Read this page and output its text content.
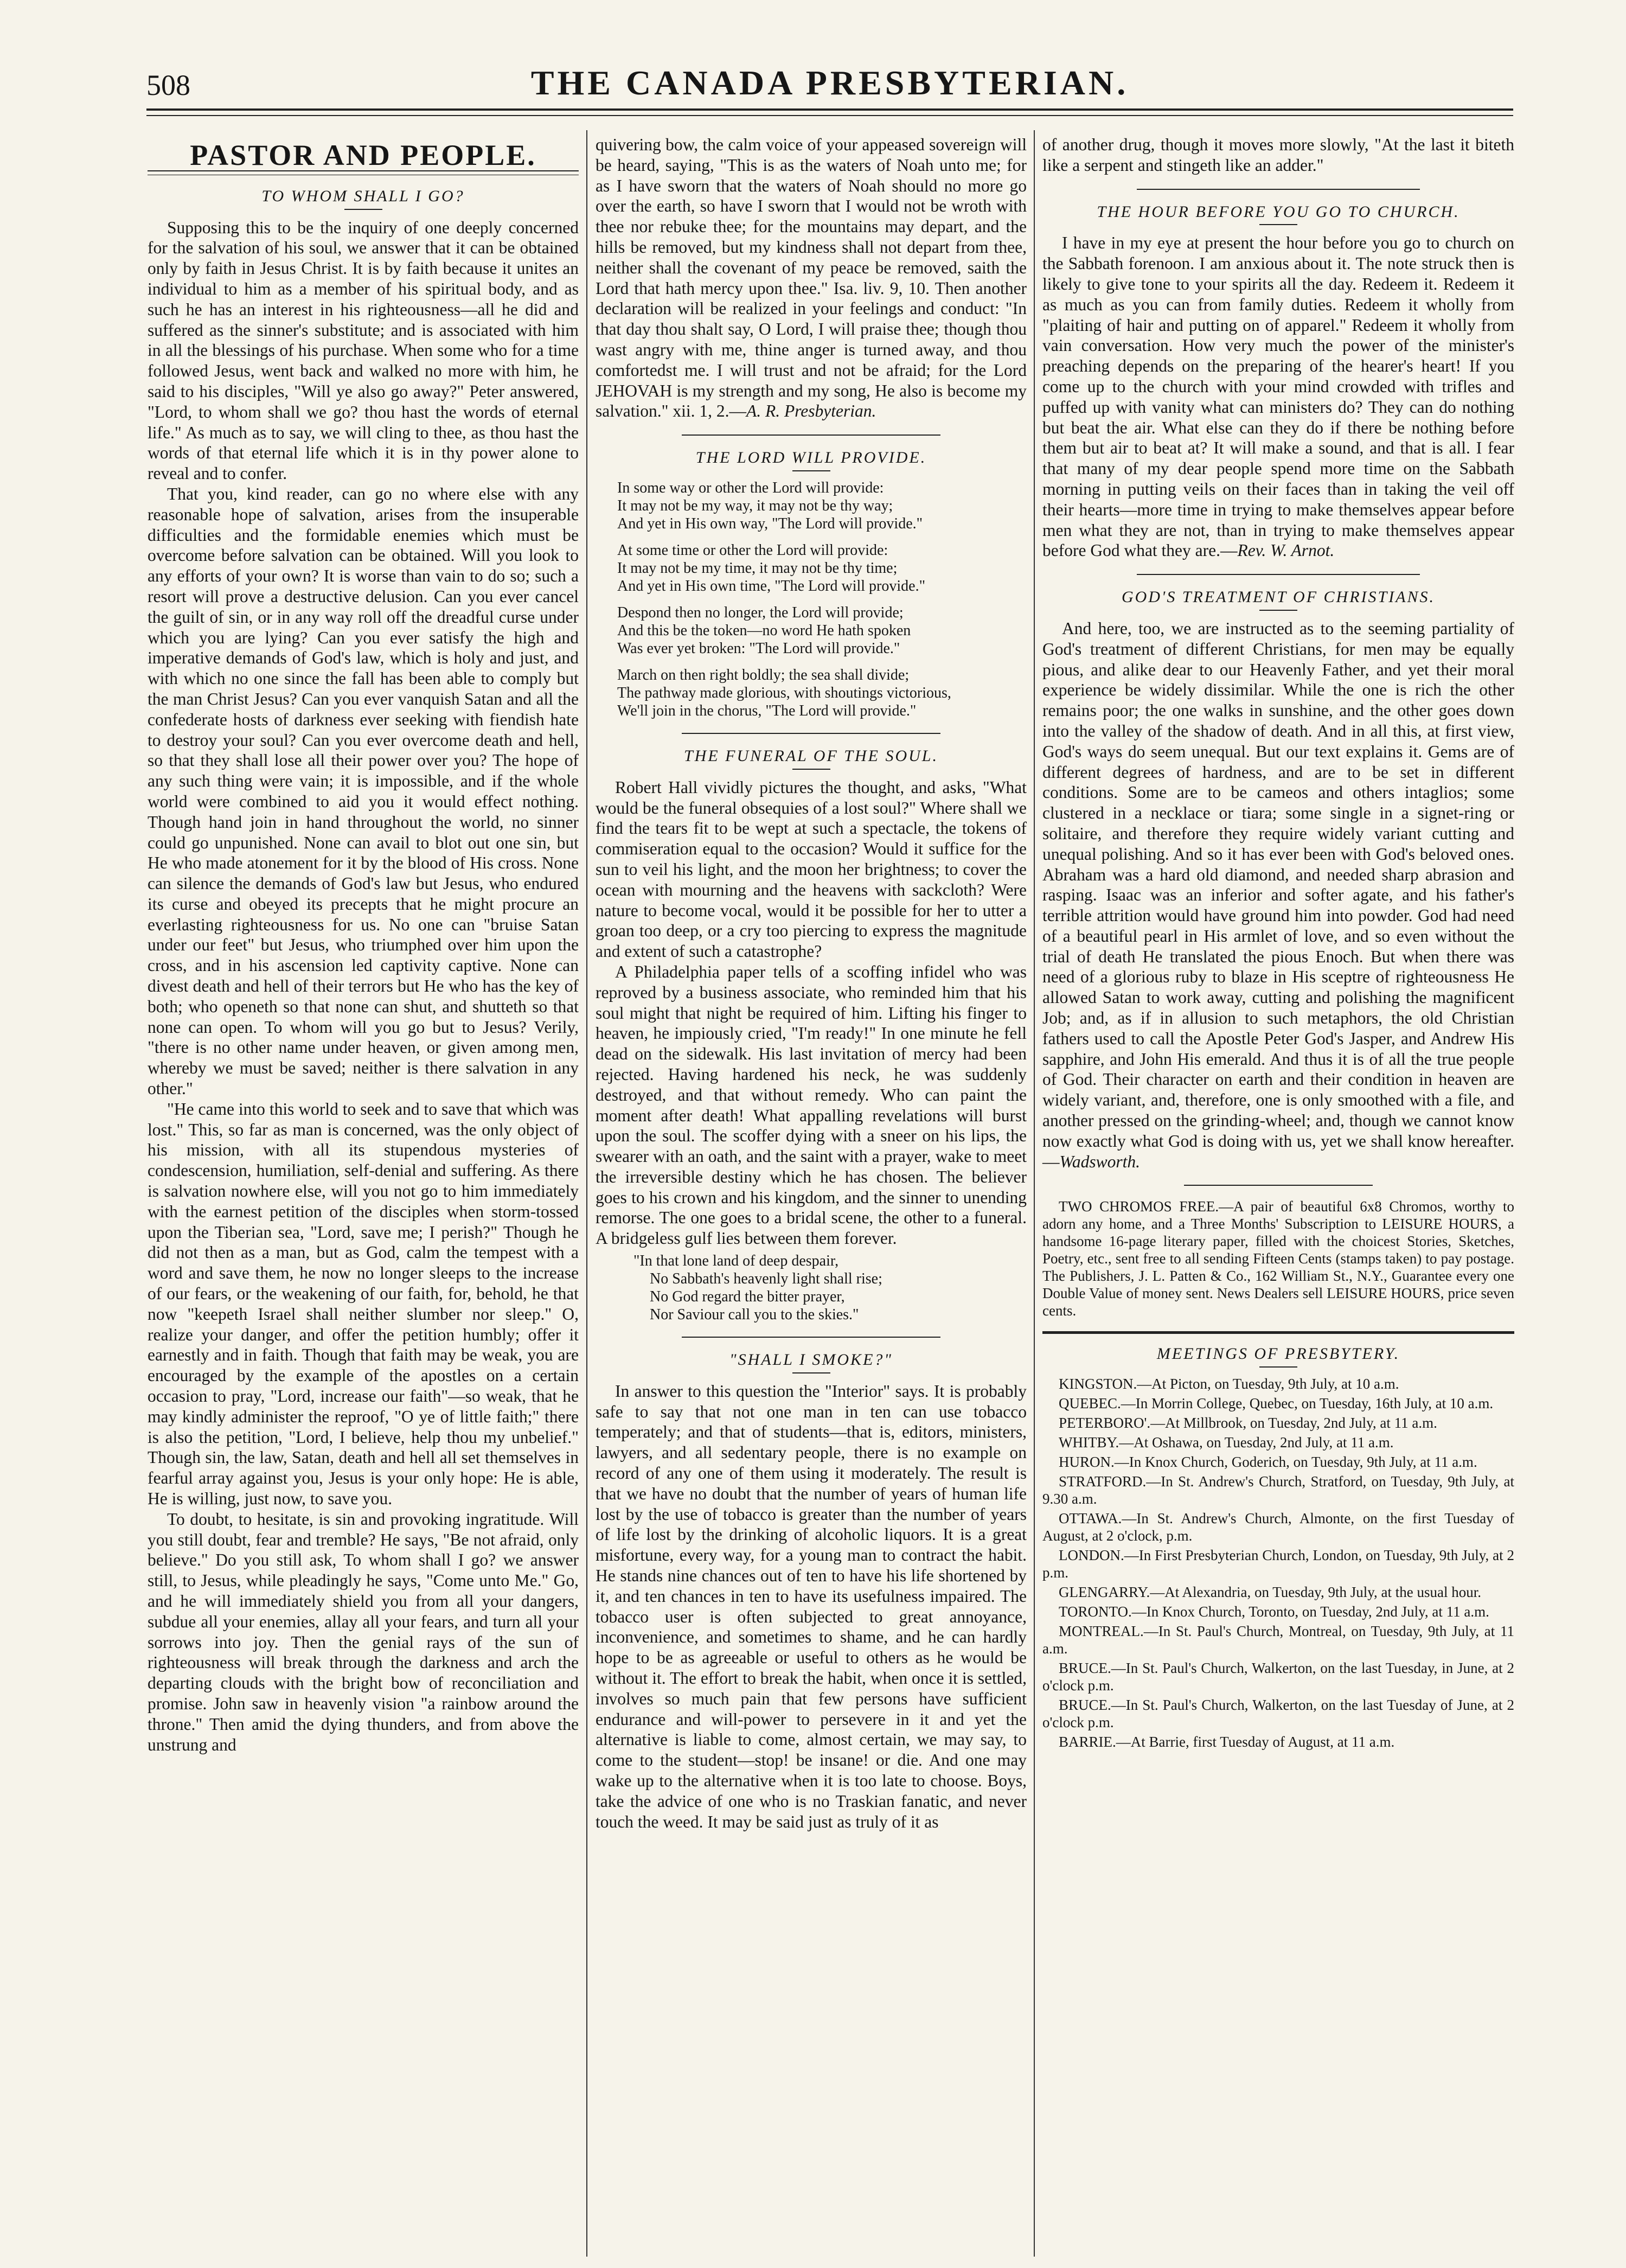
508	THE CANADA PRESBYTERIAN.
PASTOR AND PEOPLE.
TO WHOM SHALL I GO?

Supposing this to be the inquiry of one deeply concerned for the salvation of his soul, we answer that it can be obtained only by faith in Jesus Christ. It is by faith because it unites an individual to him as a member of his spiritual body, and as such he has an interest in his righteousness—all he did and suffered as the sinner's substitute; and is associated with him in all the blessings of his purchase. When some who for a time followed Jesus, went back and walked no more with him, he said to his disciples, "Will ye also go away?" Peter answered, "Lord, to whom shall we go? thou hast the words of eternal life." As much as to say, we will cling to thee, as thou hast the words of that eternal life which it is in thy power alone to reveal and to confer.

That you, kind reader, can go no where else with any reasonable hope of salvation, arises from the insuperable difficulties and the formidable enemies which must be overcome before salvation can be obtained. Will you look to any efforts of your own? It is worse than vain to do so; such a resort will prove a destructive delusion. Can you ever cancel the guilt of sin, or in any way roll off the dreadful curse under which you are lying? Can you ever satisfy the high and imperative demands of God's law, which is holy and just, and with which no one since the fall has been able to comply but the man Christ Jesus? Can you ever vanquish Satan and all the confederate hosts of darkness ever seeking with fiendish hate to destroy your soul? Can you ever overcome death and hell, so that they shall lose all their power over you? The hope of any such thing were vain; it is impossible, and if the whole world were combined to aid you it would effect nothing. Though hand join in hand throughout the world, no sinner could go unpunished. None can avail to blot out one sin, but He who made atonement for it by the blood of His cross. None can silence the demands of God's law but Jesus, who endured its curse and obeyed its precepts that he might procure an everlasting righteousness for us. No one can "bruise Satan under our feet" but Jesus, who triumphed over him upon the cross, and in his ascension led captivity captive. None can divest death and hell of their terrors but He who has the key of both; who openeth so that none can shut, and shutteth so that none can open. To whom will you go but to Jesus? Verily, "there is no other name under heaven, or given among men, whereby we must be saved; neither is there salvation in any other."

"He came into this world to seek and to save that which was lost." This, so far as man is concerned, was the only object of his mission, with all its stupendous mysteries of condescension, humiliation, self-denial and suffering. As there is salvation nowhere else, will you not go to him immediately with the earnest petition of the disciples when storm-tossed upon the Tiberian sea, "Lord, save me; I perish?" Though he did not then as a man, but as God, calm the tempest with a word and save them, he now no longer sleeps to the increase of our fears, or the weakening of our faith, for, behold, he that now "keepeth Israel shall neither slumber nor sleep." O, realize your danger, and offer the petition humbly; offer it earnestly and in faith. Though that faith may be weak, you are encouraged by the example of the apostles on a certain occasion to pray, "Lord, increase our faith"—so weak, that he may kindly administer the reproof, "O ye of little faith;" there is also the petition, "Lord, I believe, help thou my unbelief." Though sin, the law, Satan, death and hell all set themselves in fearful array against you, Jesus is your only hope: He is able, He is willing, just now, to save you.

To doubt, to hesitate, is sin and provoking ingratitude. Will you still doubt, fear and tremble? He says, "Be not afraid, only believe." Do you still ask, To whom shall I go? we answer still, to Jesus, while pleadingly he says, "Come unto Me." Go, and he will immediately shield you from all your dangers, subdue all your enemies, allay all your fears, and turn all your sorrows into joy. Then the genial rays of the sun of righteousness will break through the darkness and arch the departing clouds with the bright bow of reconciliation and promise. John saw in heavenly vision "a rainbow around the throne." Then amid the dying thunders, and from above the unstrung and

quivering bow, the calm voice of your appeased sovereign will be heard, saying, "This is as the waters of Noah unto me; for as I have sworn that the waters of Noah should no more go over the earth, so have I sworn that I would not be wroth with thee nor rebuke thee; for the mountains may depart, and the hills be removed, but my kindness shall not depart from thee, neither shall the covenant of my peace be removed, saith the Lord that hath mercy upon thee." Isa. liv. 9, 10. Then another declaration will be realized in your feelings and conduct: "In that day thou shalt say, O Lord, I will praise thee; though thou wast angry with me, thine anger is turned away, and thou comfortedst me. I will trust and not be afraid; for the Lord JEHOVAH is my strength and my song, He also is become my salvation." xii. 1, 2.—A. R. Presbyterian.

THE LORD WILL PROVIDE.
In some way or other the Lord will provide:
It may not be my way, it may not be thy way;
And yet in His own way, "The Lord will provide."
At some time or other the Lord will provide:
It may not be my time, it may not be thy time;
And yet in His own time, "The Lord will provide."
Despond then no longer, the Lord will provide;
And this be the token—no word He hath spoken
Was ever yet broken: "The Lord will provide."
March on then right boldly; the sea shall divide;
The pathway made glorious, with shoutings victorious,
We'll join in the chorus, "The Lord will provide."
THE FUNERAL OF THE SOUL.

Robert Hall vividly pictures the thought, and asks, "What would be the funeral obsequies of a lost soul?" Where shall we find the tears fit to be wept at such a spectacle, the tokens of commiseration equal to the occasion? Would it suffice for the sun to veil his light, and the moon her brightness; to cover the ocean with mourning and the heavens with sackcloth? Were nature to become vocal, would it be possible for her to utter a groan too deep, or a cry too piercing to express the magnitude and extent of such a catastrophe?

A Philadelphia paper tells of a scoffing infidel who was reproved by a business associate, who reminded him that his soul might that night be required of him. Lifting his finger to heaven, he impiously cried, "I'm ready!" In one minute he fell dead on the sidewalk. His last invitation of mercy had been rejected. Having hardened his neck, he was suddenly destroyed, and that without remedy. Who can paint the moment after death! What appalling revelations will burst upon the soul. The scoffer dying with a sneer on his lips, the swearer with an oath, and the saint with a prayer, wake to meet the irreversible destiny which he has chosen. The believer goes to his crown and his kingdom, and the sinner to unending remorse. The one goes to a bridal scene, the other to a funeral. A bridgeless gulf lies between them forever.

"In that lone land of deep despair,
No Sabbath's heavenly light shall rise;
No God regard the bitter prayer,
Nor Saviour call you to the skies."
"SHALL I SMOKE?"

In answer to this question the "Interior" says. It is probably safe to say that not one man in ten can use tobacco temperately; and that of students—that is, editors, ministers, lawyers, and all sedentary people, there is no example on record of any one of them using it moderately. The result is that we have no doubt that the number of years of human life lost by the use of tobacco is greater than the number of years of life lost by the drinking of alcoholic liquors. It is a great misfortune, every way, for a young man to contract the habit. He stands nine chances out of ten to have his life shortened by it, and ten chances in ten to have its usefulness impaired. The tobacco user is often subjected to great annoyance, inconvenience, and sometimes to shame, and he can hardly hope to be as agreeable or useful to others as he would be without it. The effort to break the habit, when once it is settled, involves so much pain that few persons have sufficient endurance and will-power to persevere in it and yet the alternative is liable to come, almost certain, we may say, to come to the student—stop! be insane! or die. And one may wake up to the alternative when it is too late to choose. Boys, take the advice of one who is no Traskian fanatic, and never touch the weed. It may be said just as truly of it as

of another drug, though it moves more slowly, "At the last it biteth like a serpent and stingeth like an adder."

THE HOUR BEFORE YOU GO TO CHURCH.

I have in my eye at present the hour before you go to church on the Sabbath forenoon. I am anxious about it. The note struck then is likely to give tone to your spirits all the day. Redeem it. Redeem it as much as you can from family duties. Redeem it wholly from "plaiting of hair and putting on of apparel." Redeem it wholly from vain conversation. How very much the power of the minister's preaching depends on the preparing of the hearer's heart! If you come up to the church with your mind crowded with trifles and puffed up with vanity what can ministers do? They can do nothing but beat the air. What else can they do if there be nothing before them but air to beat at? It will make a sound, and that is all. I fear that many of my dear people spend more time on the Sabbath morning in putting veils on their faces than in taking the veil off their hearts—more time in trying to make themselves appear before men what they are not, than in trying to make themselves appear before God what they are.—Rev. W. Arnot.

GOD'S TREATMENT OF CHRISTIANS.

And here, too, we are instructed as to the seeming partiality of God's treatment of different Christians, for men may be equally pious, and alike dear to our Heavenly Father, and yet their moral experience be widely dissimilar. While the one is rich the other remains poor; the one walks in sunshine, and the other goes down into the valley of the shadow of death. And in all this, at first view, God's ways do seem unequal. But our text explains it. Gems are of different degrees of hardness, and are to be set in different conditions. Some are to be cameos and others intaglios; some clustered in a necklace or tiara; some single in a signet-ring or solitaire, and therefore they require widely variant cutting and unequal polishing. And so it has ever been with God's beloved ones. Abraham was a hard old diamond, and needed sharp abrasion and rasping. Isaac was an inferior and softer agate, and his father's terrible attrition would have ground him into powder. God had need of a beautiful pearl in His armlet of love, and so even without the trial of death He translated the pious Enoch. But when there was need of a glorious ruby to blaze in His sceptre of righteousness He allowed Satan to work away, cutting and polishing the magnificent Job; and, as if in allusion to such metaphors, the old Christian fathers used to call the Apostle Peter God's Jasper, and Andrew His sapphire, and John His emerald. And thus it is of all the true people of God. Their character on earth and their condition in heaven are widely variant, and, therefore, one is only smoothed with a file, and another pressed on the grinding-wheel; and, though we cannot know now exactly what God is doing with us, yet we shall know hereafter.—Wadsworth.

TWO CHROMOS FREE.—A pair of beautiful 6x8 Chromos, worthy to adorn any home, and a Three Months' Subscription to LEISURE HOURS, a handsome 16-page literary paper, filled with the choicest Stories, Sketches, Poetry, etc., sent free to all sending Fifteen Cents (stamps taken) to pay postage. The Publishers, J. L. Patten & Co., 162 William St., N.Y., Guarantee every one Double Value of money sent. News Dealers sell LEISURE HOURS, price seven cents.

MEETINGS OF PRESBYTERY.

KINGSTON.—At Picton, on Tuesday, 9th July, at 10 a.m.

QUEBEC.—In Morrin College, Quebec, on Tuesday, 16th July, at 10 a.m.

PETERBORO'.—At Millbrook, on Tuesday, 2nd July, at 11 a.m.

WHITBY.—At Oshawa, on Tuesday, 2nd July, at 11 a.m.

HURON.—In Knox Church, Goderich, on Tuesday, 9th July, at 11 a.m.

STRATFORD.—In St. Andrew's Church, Stratford, on Tuesday, 9th July, at 9.30 a.m.

OTTAWA.—In St. Andrew's Church, Almonte, on the first Tuesday of August, at 2 o'clock, p.m.

LONDON.—In First Presbyterian Church, London, on Tuesday, 9th July, at 2 p.m.

GLENGARRY.—At Alexandria, on Tuesday, 9th July, at the usual hour.

TORONTO.—In Knox Church, Toronto, on Tuesday, 2nd July, at 11 a.m.

MONTREAL.—In St. Paul's Church, Montreal, on Tuesday, 9th July, at 11 a.m.

BRUCE.—In St. Paul's Church, Walkerton, on the last Tuesday, in June, at 2 o'clock p.m.

BRUCE.—In St. Paul's Church, Walkerton, on the last Tuesday of June, at 2 o'clock p.m.

BARRIE.—At Barrie, first Tuesday of August, at 11 a.m.
